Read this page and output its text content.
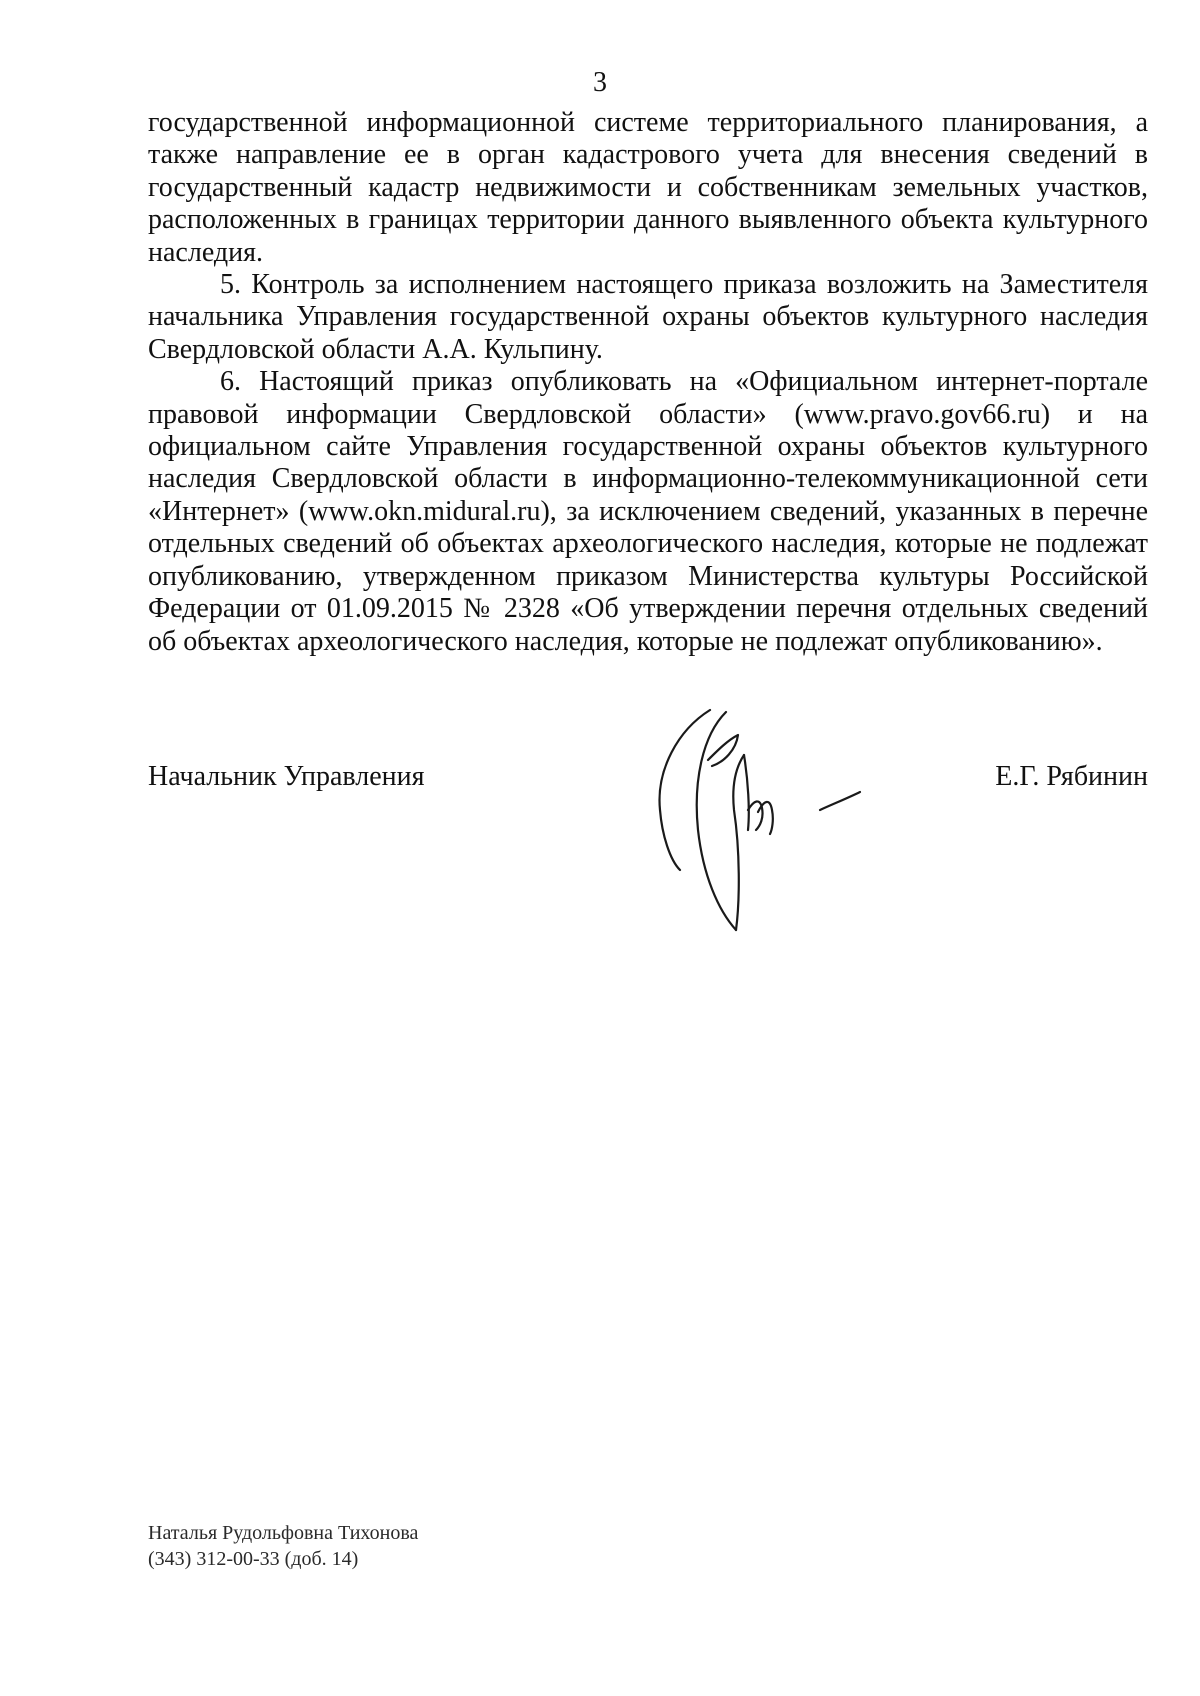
3

государственной информационной системе территориального планирования, а также направление ее в орган кадастрового учета для внесения сведений в государственный кадастр недвижимости и собственникам земельных участков, расположенных в границах территории данного выявленного объекта культурного наследия.

5. Контроль за исполнением настоящего приказа возложить на Заместителя начальника Управления государственной охраны объектов культурного наследия Свердловской области А.А. Кульпину.

6. Настоящий приказ опубликовать на «Официальном интернет-портале правовой информации Свердловской области» (www.pravo.gov66.ru) и на официальном сайте Управления государственной охраны объектов культурного наследия Свердловской области в информационно-телекоммуникационной сети «Интернет» (www.okn.midural.ru), за исключением сведений, указанных в перечне отдельных сведений об объектах археологического наследия, которые не подлежат опубликованию, утвержденном приказом Министерства культуры Российской Федерации от 01.09.2015 № 2328 «Об утверждении перечня отдельных сведений об объектах археологического наследия, которые не подлежат опубликованию».

Начальник Управления	Е.Г. Рябинин
Наталья Рудольфовна Тихонова
(343) 312-00-33 (доб. 14)
